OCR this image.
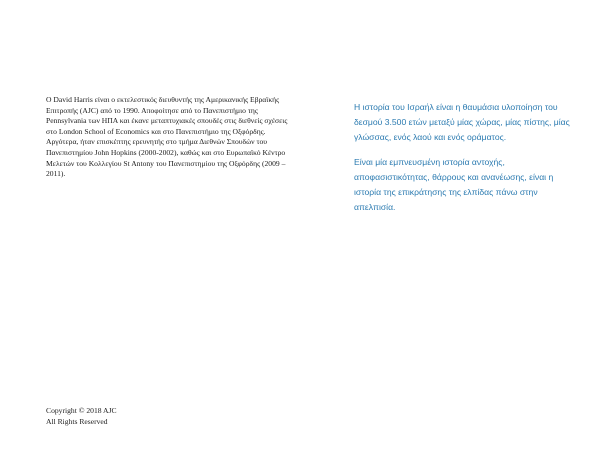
Ο David Harris είναι ο εκτελεστικός διευθυντής της Αμερικανικής Εβραϊκής Επιτροπής (AJC) από το 1990. Αποφοίτησε από το Πανεπιστήμιο της Pennsylvania των ΗΠΑ και έκανε μεταπτυχιακές σπουδές στις διεθνείς σχέσεις στο London School of Economics και στο Πανεπιστήμιο της Οξφόρδης.

Αργότερα, ήταν επισκέπτης ερευνητής στο τμήμα Διεθνών Σπουδών του Πανεπιστημίου John Hopkins (2000-2002), καθώς και στο Ευρωπαϊκό Κέντρο Μελετών του Κολλεγίου St Antony του Πανεπιστημίου της Οξφόρδης (2009 – 2011).

Η ιστορία του Ισραήλ είναι η θαυμάσια υλοποίηση του δεσμού 3.500 ετών μεταξύ μίας χώρας, μίας πίστης, μίας γλώσσας, ενός λαού και ενός οράματος.

Είναι μία εμπνευσμένη ιστορία αντοχής, αποφασιστικότητας, θάρρους και ανανέωσης, είναι η ιστορία της επικράτησης της ελπίδας πάνω στην απελπισία.

Copyright © 2018 AJC
All Rights Reserved
